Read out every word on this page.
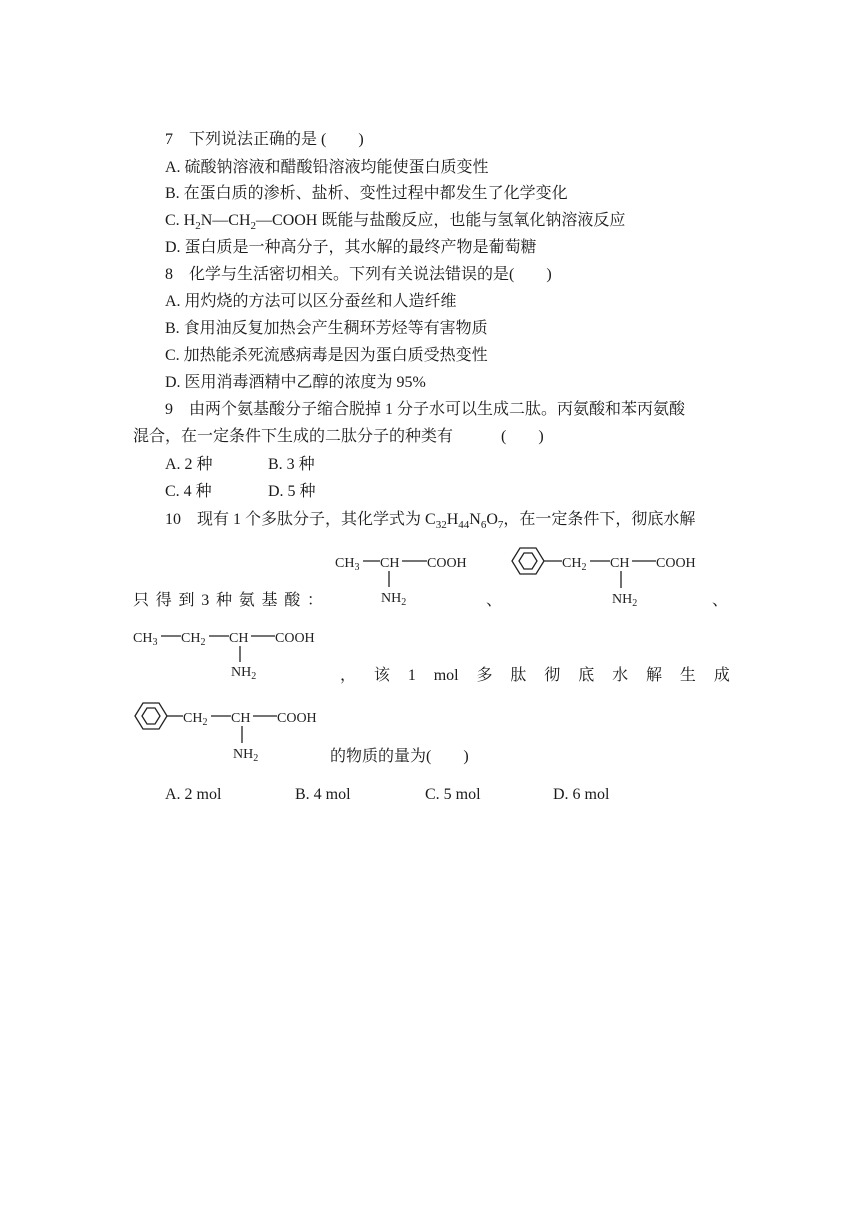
7　下列说法正确的是 (　　)
A. 硫酸钠溶液和醋酸铅溶液均能使蛋白质变性
B. 在蛋白质的渗析、盐析、变性过程中都发生了化学变化
C. $H_2N—CH_2—COOH$ 既能与盐酸反应，也能与氢氧化钠溶液反应
D. 蛋白质是一种高分子，其水解的最终产物是葡萄糖
8　化学与生活密切相关。下列有关说法错误的是(　　)
A. 用灼烧的方法可以区分蚕丝和人造纤维
B. 食用油反复加热会产生稠环芳烃等有害物质
C. 加热能杀死流感病毒是因为蛋白质受热变性
D. 医用消毒酒精中乙醇的浓度为 95%
9　由两个氨基酸分子缩合脱掉 1 分子水可以生成二肽。丙氨酸和苯丙氨酸
混合，在一定条件下生成的二肽分子的种类有　　　(　　)
A. 2 种	B. 3 种
C. 4 种	D. 5 种
10　现有 1 个多肽分子，其化学式为 $C_{32}H_{44}N_6O_7$，在一定条件下，彻底水解
$CH_3$ CH COOH
$NH_2$
$CH_2$ CH COOH
$NH_2$
只 得 到 3 种 氨 基 酸 ：	、	、
$CH_3$ $CH_2$ CH COOH
$NH_2$	， 该 1 mol 多 肽 彻 底 水 解 生 成
$CH_2$ CH COOH
$NH_2$	的物质的量为(　　)
A. 2 mol	B. 4 mol	C. 5 mol	D. 6 mol
